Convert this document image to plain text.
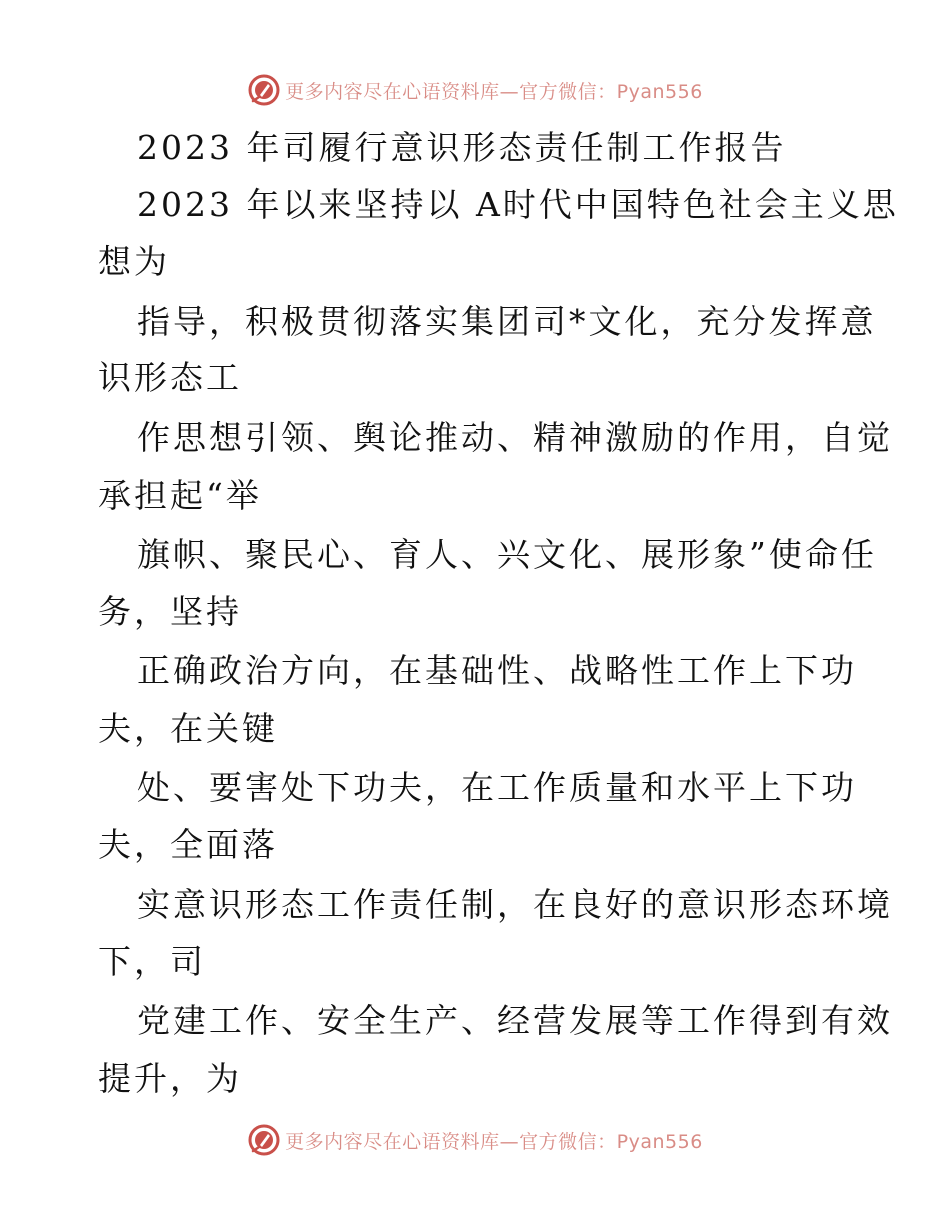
更多内容尽在心语资料库—官方微信：Pyan556
2023 年司履行意识形态责任制工作报告
2023 年以来坚持以 A时代中国特色社会主义思
想为
指导，积极贯彻落实集团司*文化，充分发挥意
识形态工
作思想引领、舆论推动、精神激励的作用，自觉
承担起“举
旗帜、聚民心、育人、兴文化、展形象”使命任
务，坚持
正确政治方向，在基础性、战略性工作上下功
夫，在关键
处、要害处下功夫，在工作质量和水平上下功
夫，全面落
实意识形态工作责任制，在良好的意识形态环境
下，司
党建工作、安全生产、经营发展等工作得到有效
提升，为
更多内容尽在心语资料库—官方微信：Pyan556
